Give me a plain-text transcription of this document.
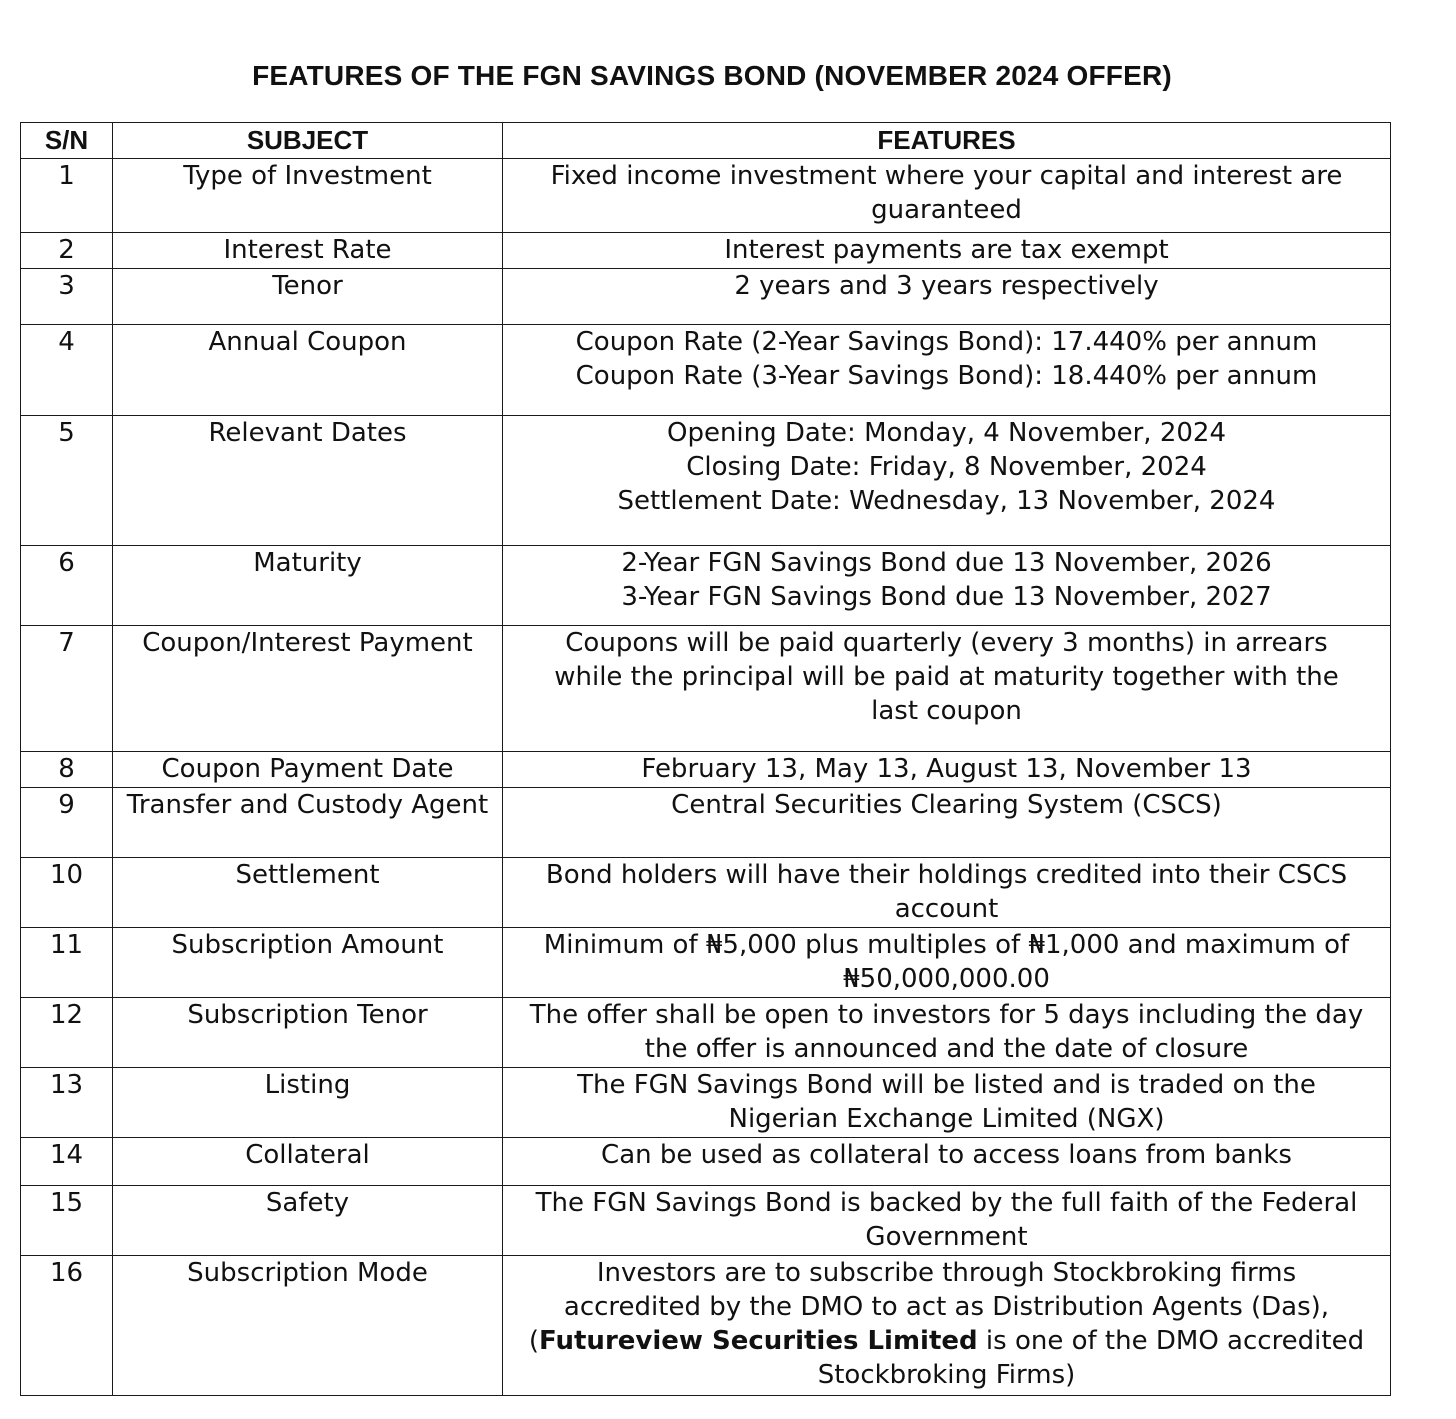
FEATURES OF THE FGN SAVINGS BOND (NOVEMBER 2024 OFFER)
S/N	SUBJECT	FEATURES
1	Type of Investment	Fixed income investment where your capital and interest are
guaranteed

2	Interest Rate	Interest payments are tax exempt

3	Tenor	2 years and 3 years respectively

4	Annual Coupon	Coupon Rate (2-Year Savings Bond): 17.440% per annum
Coupon Rate (3-Year Savings Bond): 18.440% per annum

5	Relevant Dates	Opening Date: Monday, 4 November, 2024
Closing Date: Friday, 8 November, 2024
Settlement Date: Wednesday, 13 November, 2024

6	Maturity	2-Year FGN Savings Bond due 13 November, 2026
3-Year FGN Savings Bond due 13 November, 2027

7	Coupon/Interest Payment	Coupons will be paid quarterly (every 3 months) in arrears
while the principal will be paid at maturity together with the
last coupon

8	Coupon Payment Date	February 13, May 13, August 13, November 13

9	Transfer and Custody Agent	Central Securities Clearing System (CSCS)

10	Settlement	Bond holders will have their holdings credited into their CSCS
account

11	Subscription Amount	Minimum of ₦5,000 plus multiples of ₦1,000 and maximum of
₦50,000,000.00

12	Subscription Tenor	The offer shall be open to investors for 5 days including the day
the offer is announced and the date of closure

13	Listing	The FGN Savings Bond will be listed and is traded on the
Nigerian Exchange Limited (NGX)

14	Collateral	Can be used as collateral to access loans from banks

15	Safety	The FGN Savings Bond is backed by the full faith of the Federal
Government

16	Subscription Mode	Investors are to subscribe through Stockbroking firms
accredited by the DMO to act as Distribution Agents (Das),
(Futureview Securities Limited is one of the DMO accredited
Stockbroking Firms)
